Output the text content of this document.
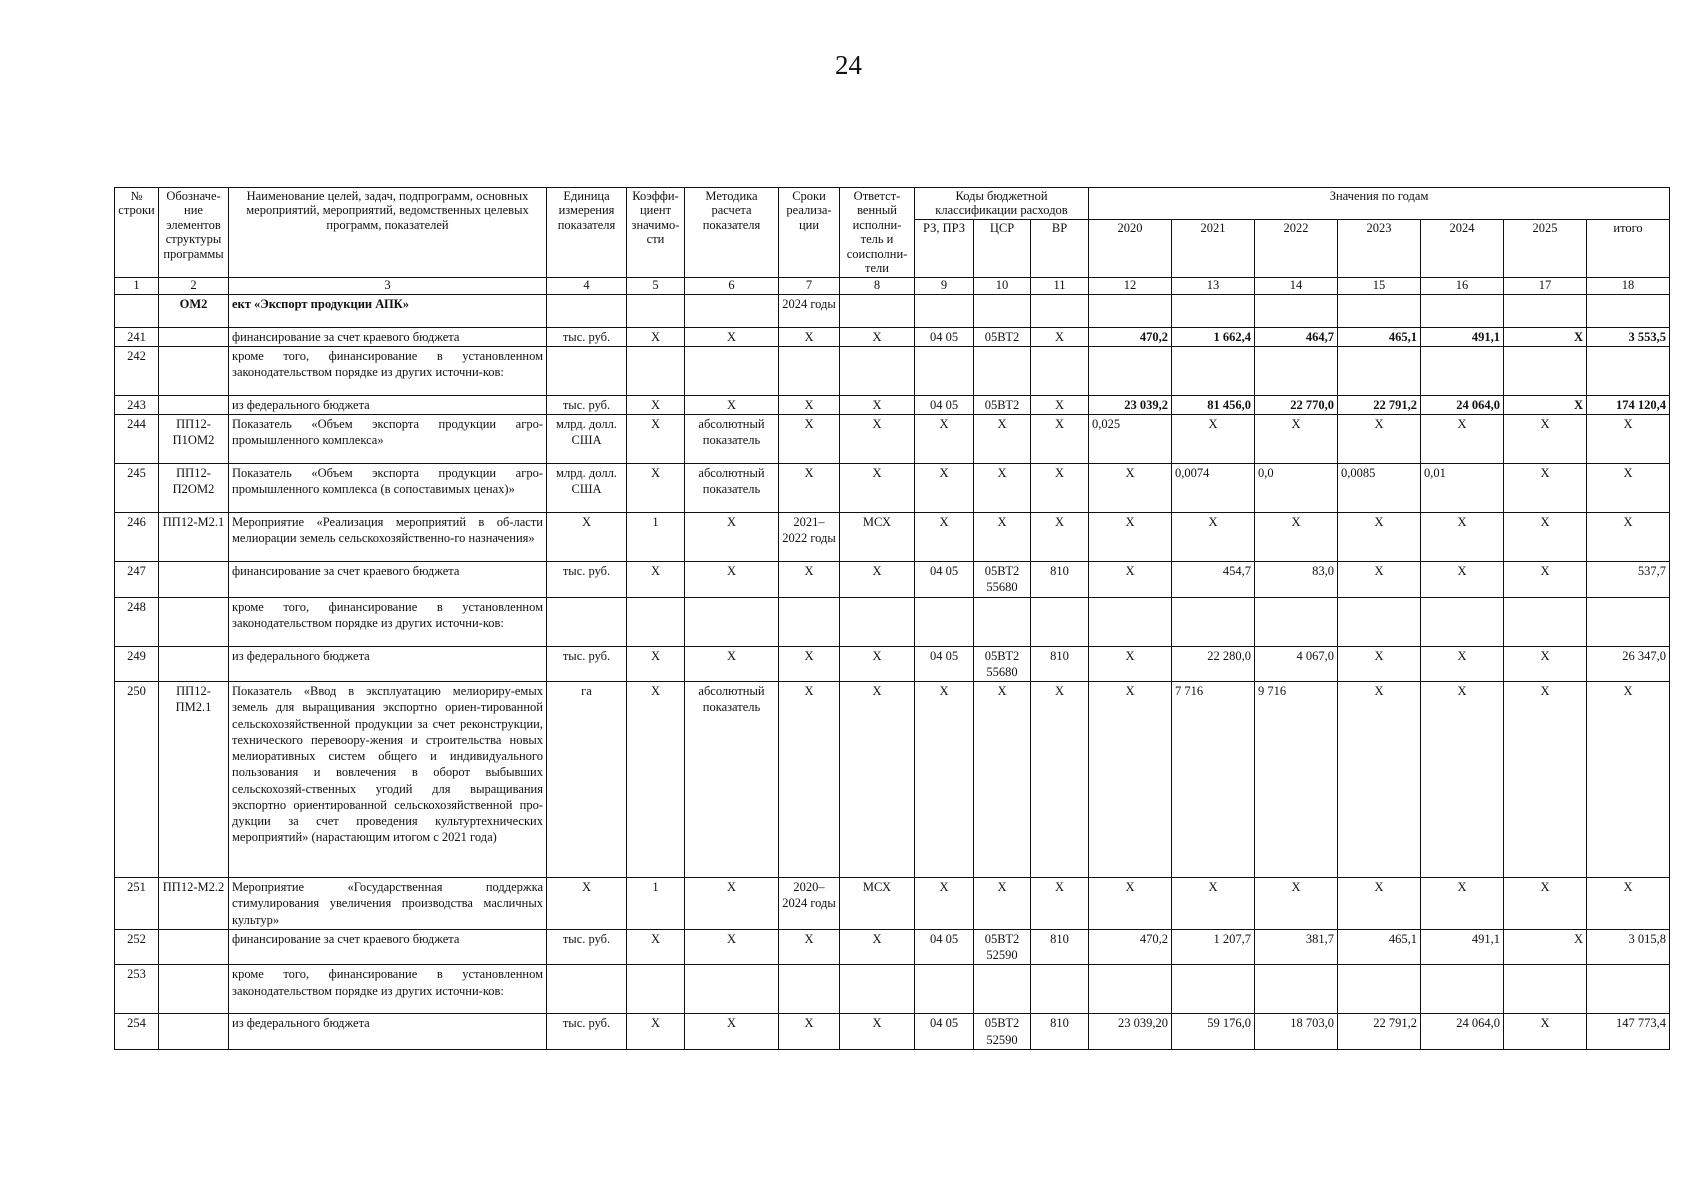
24
№ строки	Обозначе-ние элементов структуры программы	Наименование целей, задач, подпрограмм, основных мероприятий, мероприятий, ведомственных целевых программ, показателей	Единица измерения показателя	Коэффи-циент значимо-сти	Методика расчета показателя	Сроки реализа-ции	Ответст-венный исполни-тель и соисполни-тели	Коды бюджетной классификации расходов			Значения по годам						
								РЗ, ПРЗ	ЦСР	ВР	2020	2021	2022	2023	2024	2025	итого
1	2	3	4	5	6	7	8	9	10	11	12	13	14	15	16	17	18
	ОМ2	ект «Экспорт продукции АПК»				2024 годы											
241		финансирование за счет краевого бюджета	тыс. руб.	X	X	X	X	04 05	05ВТ2	X	470,2	1 662,4	464,7	465,1	491,1	X	3 553,5
242		кроме того, финансирование в установленном законодательством порядке из других источни-ков:															
243		из федерального бюджета	тыс. руб.	X	X	X	X	04 05	05ВТ2	X	23 039,2	81 456,0	22 770,0	22 791,2	24 064,0	X	174 120,4
244	ПП12-П1ОМ2	Показатель «Объем экспорта продукции агро-промышленного комплекса»	млрд. долл. США	X	абсолютный показатель	X	X	X	X	X	0,025	X	X	X	X	X	X
245	ПП12-П2ОМ2	Показатель «Объем экспорта продукции агро-промышленного комплекса (в сопоставимых ценах)»	млрд. долл. США	X	абсолютный показатель	X	X	X	X	X	X	0,0074	0,0	0,0085	0,01	X	X
246	ПП12-М2.1	Мероприятие «Реализация мероприятий в об-ласти мелиорации земель сельскохозяйственно-го назначения»	X	1	X	2021–2022 годы	МСХ	X	X	X	X	X	X	X	X	X	X
247		финансирование за счет краевого бюджета	тыс. руб.	X	X	X	X	04 05	05ВТ2 55680	810	X	454,7	83,0	X	X	X	537,7
248		кроме того, финансирование в установленном законодательством порядке из других источни-ков:															
249		из федерального бюджета	тыс. руб.	X	X	X	X	04 05	05ВТ2 55680	810	X	22 280,0	4 067,0	X	X	X	26 347,0
250	ПП12-ПМ2.1	Показатель «Ввод в эксплуатацию мелиориру-емых земель для выращивания экспортно ориен-тированной сельскохозяйственной продукции за счет реконструкции, технического перевоору-жения и строительства новых мелиоративных систем общего и индивидуального пользования и вовлечения в оборот выбывших сельскохозяй-ственных угодий для выращивания экспортно ориентированной сельскохозяйственной про-дукции за счет проведения культуртехнических мероприятий» (нарастающим итогом с 2021 года)	га	X	абсолютный показатель	X	X	X	X	X	X	7 716	9 716	X	X	X	X
251	ПП12-М2.2	Мероприятие «Государственная поддержка стимулирования увеличения производства масличных культур»	X	1	X	2020–2024 годы	МСХ	X	X	X	X	X	X	X	X	X	X
252		финансирование за счет краевого бюджета	тыс. руб.	X	X	X	X	04 05	05ВТ2 52590	810	470,2	1 207,7	381,7	465,1	491,1	X	3 015,8
253		кроме того, финансирование в установленном законодательством порядке из других источни-ков:															
254		из федерального бюджета	тыс. руб.	X	X	X	X	04 05	05ВТ2 52590	810	23 039,20	59 176,0	18 703,0	22 791,2	24 064,0	X	147 773,4
